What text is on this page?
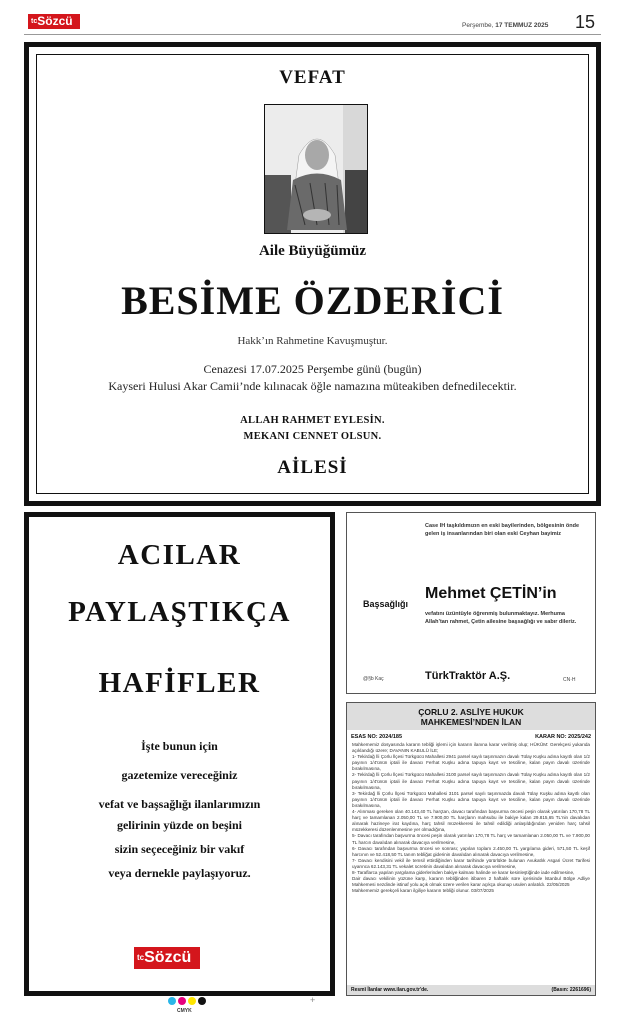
$^{tc}$Sözcü	Perşembe, 17 TEMMUZ 2025 15
VEFAT
Aile Büyüğümüz
BESİME ÖZDERİCİ
Hakk’ın Rahmetine Kavuşmuştur.
Cenazesi 17.07.2025 Perşembe günü (bugün)
Kayseri Hulusi Akar Camii’nde kılınacak öğle namazına müteakiben defnedilecektir.
ALLAH RAHMET EYLESİN.
MEKANI CENNET OLSUN.
AİLESİ
ACILAR
PAYLAŞTIKÇA
HAFİFLER
İşte bunun için
gazetemize vereceğiniz
vefat ve başsağlığı ilanlarımızın
gelirinin yüzde on beşini
sizin seçeceğiniz bir vakıf
veya dernekle paylaşıyoruz.
$^{tc}$Sözcü
Case IH taşkıldımızın en eski bayilerinden, bölgesinin önde gelen iş insanlarından biri olan eski Ceyhan bayimiz
Başsağlığı
Mehmet ÇETİN’in
vefatını üzüntüyle öğrenmiş bulunmaktayız. Merhuma Allah’tan rahmet, Çetin ailesine başsağlığı ve sabır dileriz.
@§b Kaç	TürkTraktör A.Ş.	CN·H
ÇORLU 2. ASLİYE HUKUK
MAHKEMESİ’NDEN İLAN
ESAS NO: 2024/185	KARAR NO: 2025/242

Mahkememiz dosyasında kararın tebliği işlemi için kararın ilanına karar verilmiş olup; HÜKÜM: Gerekçesi yukarıda açıklandığı üzere; DAVANIN KABULÜ İLE;

1- Tekirdağ İli Çorlu İlçesi Türkgücü Mahallesi 2941 parsel sayılı taşınmazın davalı Tülay Kuşku adına kayıtlı olan 1/2 payının 1/4'ünün iptali ile davacı Ferhat Kuşku adına tapuya kayıt ve tesciline, kalan payın davalı üzerinde bırakılmasına,

2- Tekirdağ İli Çorlu İlçesi Türkgücü Mahallesi 3100 parsel sayılı taşınmazın davalı Tülay Kuşku adına kayıtlı olan 1/2 payının 1/4'ünün iptali ile davacı Ferhat Kuşku adına tapuya kayıt ve tesciline, kalan payın davalı üzerinde bırakılmasına,

3- Tekirdağ İli Çorlu İlçesi Türkgücü Mahallesi 3101 parsel sayılı taşınmazda davalı Tülay Kuşku adına kayıtlı olan payının 1/4'ünün iptali ile davacı Ferhat Kuşku adına tapuya kayıt ve tesciline, kalan payın davalı üzerinde bırakılmasına,

4- Alınması gereken olan 40.143,40 TL harçtan, davacı tarafından başvurma öncesi peşin olarak yatırılan 170,78 TL harç ve tamamlanan 2.050,00 TL ve 7.900,00 TL harçların mahsubu ile bakiye kalan 29.815,65 TL'nin davalıdan alınarak hazineye irat kaydına, harç tahsil müzekkeresi ile tahsil edildiği anlaşıldığından yeniden harç tahsil müzekkeresi düzenlenmesine yer olmadığına,

5- Davacı tarafından başvurma öncesi peşin olarak yatırılan 170,78 TL harç ve tamamlanan 2.050,00 TL ve 7.900,00 TL harcın davalıdan alınarak davacıya verilmesine,

6- Davacı tarafından başvurma öncesi ve sonrası; yapılan toplam 2.450,00 TL yargılama gideri, 571,50 TL keşif harcının ve 52.418,50 TL tanım tebliğat giderinin davalıdan alınarak davacıya verilmesine,

7- Davacı kendisini vekil ile temsil ettirdiğinden karar tarihinde yürürlükte bulunan Avukatlık Asgari Ücret Tarifesi uyarınca 62.143,31 TL vekalet ücretinin davalıdan alınarak davacıya verilmesine,

8- Taraflarca yapılan yargılama giderlerinden bakiye kalması halinde ve karar kesinleştiğinde iade edilmesine,

Dair davacı vekilinin yüzüne karşı, kararın tebliğinden itibaren 2 haftalık süre içerisinde İstanbul Bölge Adliye Mahkemesi nezdinde istinaf yolu açık olmak üzere verilen karar açıkça okunup usulen anlatıldı. 22/05/2025

Mahkememiz gerekçeli kararı ilgiliye kararın tebliği olunur. 03/07/2025

Resmî İlanlar www.ilan.gov.tr'de.	(Basın: 2261696)
CMYK
+
